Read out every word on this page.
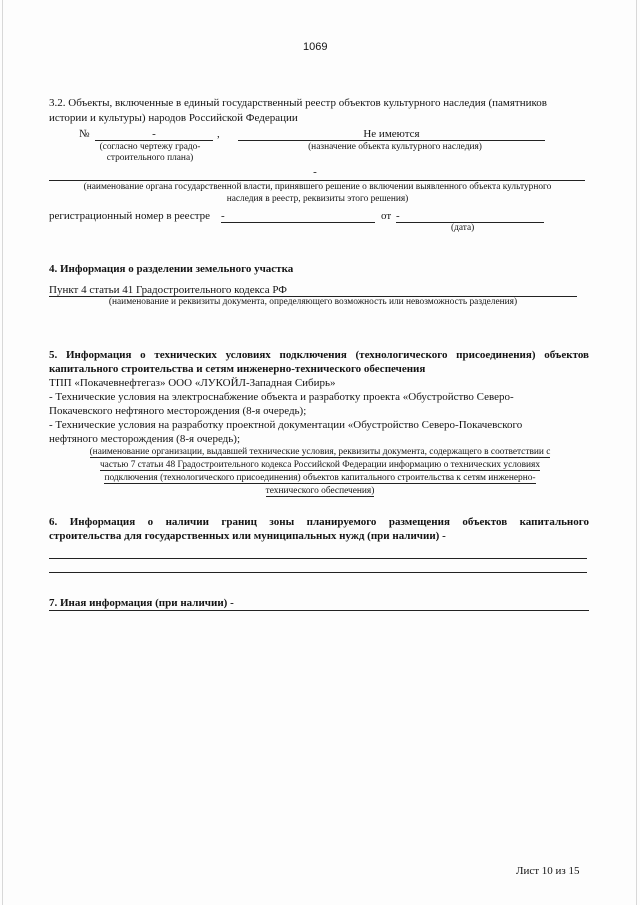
1069
3.2. Объекты, включенные в единый государственный реестр объектов культурного наследия (памятников
истории и культуры) народов Российской Федерации
№	-	,	Не имеются
(согласно чертежу градо-
строительного плана)
(назначение объекта культурного наследия)
-
(наименование органа государственной власти, принявшего решение о включении выявленного объекта культурного
наследия в реестр, реквизиты этого решения)
регистрационный номер в реестре -	от -
(дата)
4. Информация о разделении земельного участка
Пункт 4 статьи 41 Градостроительного кодекса РФ
(наименование и реквизиты документа, определяющего возможность или невозможность разделения)
5. Информация о технических условиях подключения (технологического присоединения) объектов
капитального строительства и сетям инженерно-технического обеспечения
ТПП «Покачевнефтегаз» ООО «ЛУКОЙЛ-Западная Сибирь»
- Технические условия на электроснабжение объекта и разработку проекта «Обустройство Северо-
Покачевского нефтяного месторождения (8-я очередь);
- Технические условия на разработку проектной документации «Обустройство Северо-Покачевского
нефтяного месторождения (8-я очередь);
(наименование организации, выдавшей технические условия, реквизиты документа, содержащего в соответствии с
частью 7 статьи 48 Градостроительного кодекса Российской Федерации информацию о технических условиях
подключения (технологического присоединения) объектов капитального строительства к сетям инженерно-
технического обеспечения)
6. Информация о наличии границ зоны планируемого размещения объектов капитального
строительства для государственных или муниципальных нужд (при наличии) -
7. Иная информация (при наличии) -
Лист 10 из 15
